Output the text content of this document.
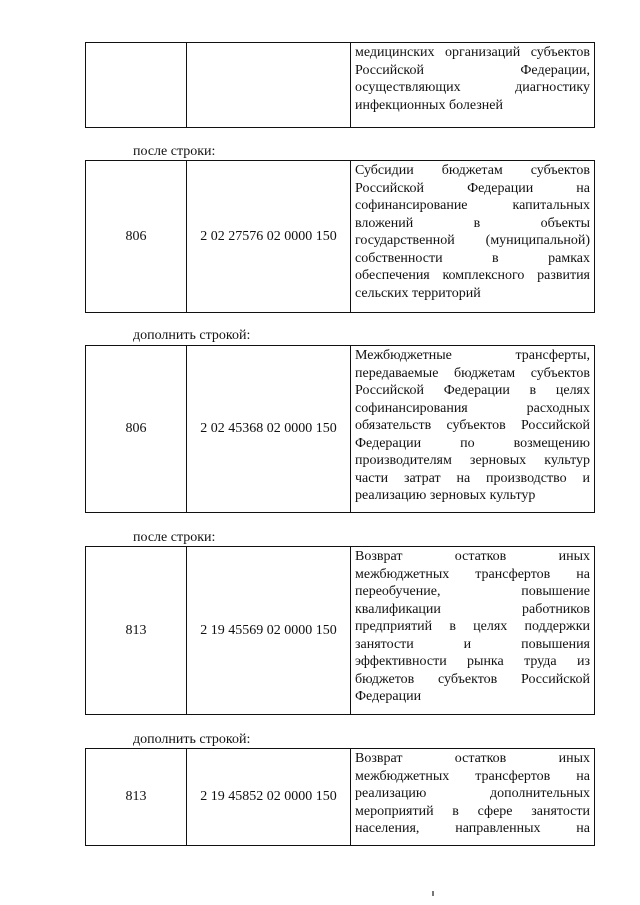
медицинских организаций субъектов
Российской Федерации,
осуществляющих диагностику
инфекционных болезней
после строки:
806	2 02 27576 02 0000 150	
Субсидии бюджетам субъектов
Российской Федерации на
софинансирование капитальных
вложений в объекты
государственной (муниципальной)
собственности в рамках
обеспечения комплексного развития
сельских территорий
дополнить строкой:
806	2 02 45368 02 0000 150	
Межбюджетные трансферты,
передаваемые бюджетам субъектов
Российской Федерации в целях
софинансирования расходных
обязательств субъектов Российской
Федерации по возмещению
производителям зерновых культур
части затрат на производство и
реализацию зерновых культур
после строки:
813	2 19 45569 02 0000 150	
Возврат остатков иных
межбюджетных трансфертов на
переобучение, повышение
квалификации работников
предприятий в целях поддержки
занятости и повышения
эффективности рынка труда из
бюджетов субъектов Российской
Федерации
дополнить строкой:
813	2 19 45852 02 0000 150	
Возврат остатков иных
межбюджетных трансфертов на
реализацию дополнительных
мероприятий в сфере занятости
населения, направленных на
